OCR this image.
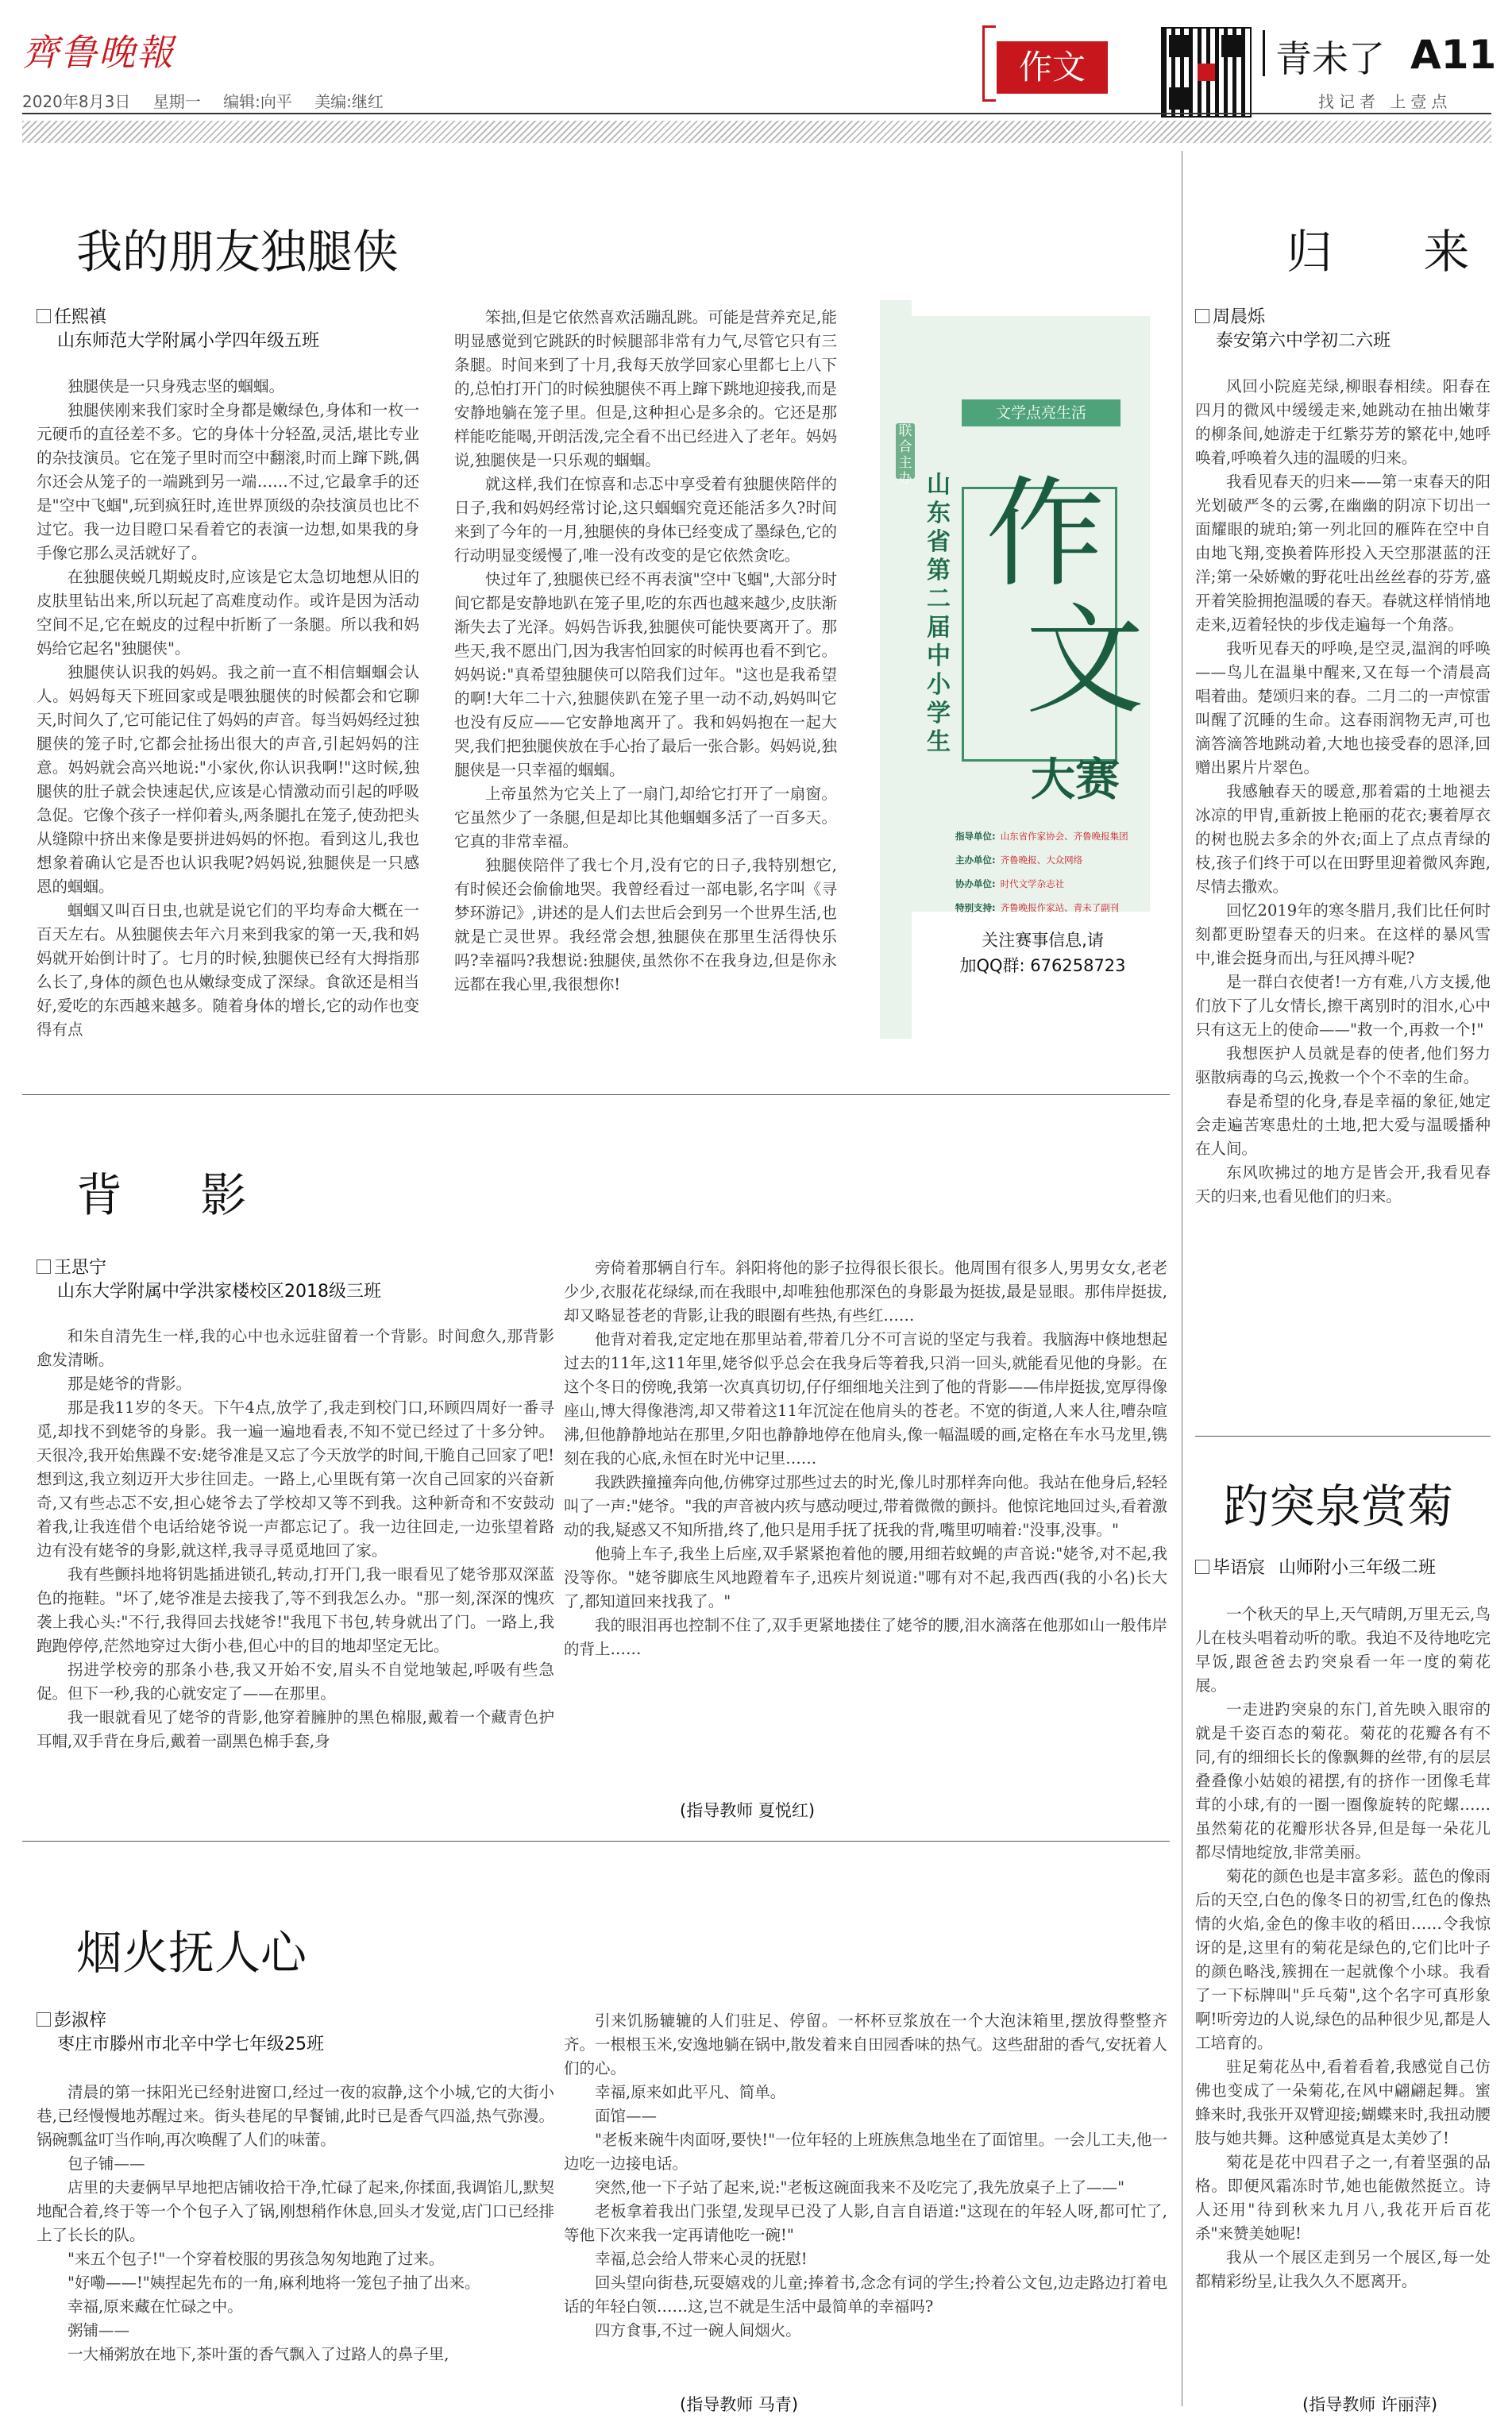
齊鲁晚報
2020年8月3日 星期一 编辑:向平 美编:继红
作文	青未了 A11
找记者 上壹点
我的朋友独腿侠
任熙禛
山东师范大学附属小学四年级五班

独腿侠是一只身残志坚的蝈蝈。

独腿侠刚来我们家时全身都是嫩绿色,身体和一枚一元硬币的直径差不多。它的身体十分轻盈,灵活,堪比专业的杂技演员。它在笼子里时而空中翻滚,时而上蹿下跳,偶尔还会从笼子的一端跳到另一端……不过,它最拿手的还是"空中飞蝈",玩到疯狂时,连世界顶级的杂技演员也比不过它。我一边目瞪口呆看着它的表演一边想,如果我的身手像它那么灵活就好了。

在独腿侠蜕几期蜕皮时,应该是它太急切地想从旧的皮肤里钻出来,所以玩起了高难度动作。或许是因为活动空间不足,它在蜕皮的过程中折断了一条腿。所以我和妈妈给它起名"独腿侠"。

独腿侠认识我的妈妈。我之前一直不相信蝈蝈会认人。妈妈每天下班回家或是喂独腿侠的时候都会和它聊天,时间久了,它可能记住了妈妈的声音。每当妈妈经过独腿侠的笼子时,它都会扯扬出很大的声音,引起妈妈的注意。妈妈就会高兴地说:"小家伙,你认识我啊!"这时候,独腿侠的肚子就会快速起伏,应该是心情激动而引起的呼吸急促。它像个孩子一样仰着头,两条腿扎在笼子,使劲把头从缝隙中挤出来像是要拼进妈妈的怀抱。看到这儿,我也想象着确认它是否也认识我呢?妈妈说,独腿侠是一只感恩的蝈蝈。

蝈蝈又叫百日虫,也就是说它们的平均寿命大概在一百天左右。从独腿侠去年六月来到我家的第一天,我和妈妈就开始倒计时了。七月的时候,独腿侠已经有大拇指那么长了,身体的颜色也从嫩绿变成了深绿。食欲还是相当好,爱吃的东西越来越多。随着身体的增长,它的动作也变得有点

笨拙,但是它依然喜欢活蹦乱跳。可能是营养充足,能明显感觉到它跳跃的时候腿部非常有力气,尽管它只有三条腿。时间来到了十月,我每天放学回家心里都七上八下的,总怕打开门的时候独腿侠不再上蹿下跳地迎接我,而是安静地躺在笼子里。但是,这种担心是多余的。它还是那样能吃能喝,开朗活泼,完全看不出已经进入了老年。妈妈说,独腿侠是一只乐观的蝈蝈。

就这样,我们在惊喜和忐忑中享受着有独腿侠陪伴的日子,我和妈妈经常讨论,这只蝈蝈究竟还能活多久?时间来到了今年的一月,独腿侠的身体已经变成了墨绿色,它的行动明显变缓慢了,唯一没有改变的是它依然贪吃。

快过年了,独腿侠已经不再表演"空中飞蝈",大部分时间它都是安静地趴在笼子里,吃的东西也越来越少,皮肤渐渐失去了光泽。妈妈告诉我,独腿侠可能快要离开了。那些天,我不愿出门,因为我害怕回家的时候再也看不到它。妈妈说:"真希望独腿侠可以陪我们过年。"这也是我希望的啊!大年二十六,独腿侠趴在笼子里一动不动,妈妈叫它也没有反应——它安静地离开了。我和妈妈抱在一起大哭,我们把独腿侠放在手心抬了最后一张合影。妈妈说,独腿侠是一只幸福的蝈蝈。

上帝虽然为它关上了一扇门,却给它打开了一扇窗。它虽然少了一条腿,但是却比其他蝈蝈多活了一百多天。它真的非常幸福。

独腿侠陪伴了我七个月,没有它的日子,我特别想它,有时候还会偷偷地哭。我曾经看过一部电影,名字叫《寻梦环游记》,讲述的是人们去世后会到另一个世界生活,也就是亡灵世界。我经常会想,独腿侠在那里生活得快乐吗?幸福吗?我想说:独腿侠,虽然你不在我身边,但是你永远都在我心里,我很想你!

联合主办
文学点亮生活
山东省第二届中小学生
作
文
大赛
指导单位: 山东省作家协会、齐鲁晚报集团
主办单位: 齐鲁晚报、大众网络
协办单位: 时代文学杂志社
特别支持: 齐鲁晚报作家站、青未了副刊
关注赛事信息,请
加QQ群: 676258723
归 来
周晨烁
泰安第六中学初二六班

风回小院庭芜绿,柳眼春相续。阳春在四月的微风中缓缓走来,她跳动在抽出嫩芽的柳条间,她游走于红紫芬芳的繁花中,她呼唤着,呼唤着久违的温暖的归来。

我看见春天的归来——第一束春天的阳光划破严冬的云雾,在幽幽的阴凉下切出一面耀眼的琥珀;第一列北回的雁阵在空中自由地飞翔,变换着阵形投入天空那湛蓝的汪洋;第一朵娇嫩的野花吐出丝丝春的芬芳,盛开着笑脸拥抱温暖的春天。春就这样悄悄地走来,迈着轻快的步伐走遍每一个角落。

我听见春天的呼唤,是空灵,温润的呼唤——鸟儿在温巢中醒来,又在每一个清晨高唱着曲。楚颂归来的春。二月二的一声惊雷叫醒了沉睡的生命。这春雨润物无声,可也滴答滴答地跳动着,大地也接受春的恩泽,回赠出累片片翠色。

我感触春天的暖意,那着霜的土地褪去冰凉的甲胄,重新披上艳丽的花衣;裹着厚衣的树也脱去多余的外衣;面上了点点青绿的枝,孩子们终于可以在田野里迎着微风奔跑,尽情去撒欢。

回忆2019年的寒冬腊月,我们比任何时刻都更盼望春天的归来。在这样的暴风雪中,谁会挺身而出,与狂风搏斗呢?

是一群白衣使者!一方有难,八方支援,他们放下了儿女情长,擦干离别时的泪水,心中只有这无上的使命——"救一个,再救一个!"

我想医护人员就是春的使者,他们努力驱散病毒的乌云,挽救一个个不幸的生命。

春是希望的化身,春是幸福的象征,她定会走遍苦寒患灶的土地,把大爱与温暖播种在人间。

东风吹拂过的地方是皆会开,我看见春天的归来,也看见他们的归来。

背 影
王思宁
山东大学附属中学洪家楼校区2018级三班

和朱自清先生一样,我的心中也永远驻留着一个背影。时间愈久,那背影愈发清晰。

那是姥爷的背影。

那是我11岁的冬天。下午4点,放学了,我走到校门口,环顾四周好一番寻觅,却找不到姥爷的身影。我一遍一遍地看表,不知不觉已经过了十多分钟。天很冷,我开始焦躁不安:姥爷准是又忘了今天放学的时间,干脆自己回家了吧!想到这,我立刻迈开大步往回走。一路上,心里既有第一次自己回家的兴奋新奇,又有些忐忑不安,担心姥爷去了学校却又等不到我。这种新奇和不安鼓动着我,让我连借个电话给姥爷说一声都忘记了。我一边往回走,一边张望着路边有没有姥爷的身影,就这样,我寻寻觅觅地回了家。

我有些颤抖地将钥匙插进锁孔,转动,打开门,我一眼看见了姥爷那双深蓝色的拖鞋。"坏了,姥爷准是去接我了,等不到我怎么办。"那一刻,深深的愧疚袭上我心头:"不行,我得回去找姥爷!"我甩下书包,转身就出了门。一路上,我跑跑停停,茫然地穿过大街小巷,但心中的目的地却坚定无比。

拐进学校旁的那条小巷,我又开始不安,眉头不自觉地皱起,呼吸有些急促。但下一秒,我的心就安定了——在那里。

我一眼就看见了姥爷的背影,他穿着臃肿的黑色棉服,戴着一个藏青色护耳帽,双手背在身后,戴着一副黑色棉手套,身

旁倚着那辆自行车。斜阳将他的影子拉得很长很长。他周围有很多人,男男女女,老老少少,衣服花花绿绿,而在我眼中,却唯独他那深色的身影最为挺拔,最是显眼。那伟岸挺拔,却又略显苍老的背影,让我的眼圈有些热,有些红……

他背对着我,定定地在那里站着,带着几分不可言说的坚定与我着。我脑海中倏地想起过去的11年,这11年里,姥爷似乎总会在我身后等着我,只消一回头,就能看见他的身影。在这个冬日的傍晚,我第一次真真切切,仔仔细细地关注到了他的背影——伟岸挺拔,宽厚得像座山,博大得像港湾,却又带着这11年沉淀在他肩头的苍老。不宽的街道,人来人往,嘈杂喧沸,但他静静地站在那里,夕阳也静静地停在他肩头,像一幅温暖的画,定格在车水马龙里,镌刻在我的心底,永恒在时光中记里……

我跌跌撞撞奔向他,仿佛穿过那些过去的时光,像儿时那样奔向他。我站在他身后,轻轻叫了一声:"姥爷。"我的声音被内疚与感动哽过,带着微微的颤抖。他惊诧地回过头,看着激动的我,疑惑又不知所措,终了,他只是用手抚了抚我的背,嘴里叨喃着:"没事,没事。"

他骑上车子,我坐上后座,双手紧紧抱着他的腰,用细若蚊蝇的声音说:"姥爷,对不起,我没等你。"姥爷脚底生风地蹬着车子,迅疾片刻说道:"哪有对不起,我西西(我的小名)长大了,都知道回来找我了。"

我的眼泪再也控制不住了,双手更紧地搂住了姥爷的腰,泪水滴落在他那如山一般伟岸的背上……

(指导教师 夏悦红)
趵突泉赏菊
毕语宸 山师附小三年级二班

一个秋天的早上,天气晴朗,万里无云,鸟儿在枝头唱着动听的歌。我迫不及待地吃完早饭,跟爸爸去趵突泉看一年一度的菊花展。

一走进趵突泉的东门,首先映入眼帘的就是千姿百态的菊花。菊花的花瓣各有不同,有的细细长长的像飘舞的丝带,有的层层叠叠像小姑娘的裙摆,有的挤作一团像毛茸茸的小球,有的一圈一圈像旋转的陀螺……虽然菊花的花瓣形状各异,但是每一朵花儿都尽情地绽放,非常美丽。

菊花的颜色也是丰富多彩。蓝色的像雨后的天空,白色的像冬日的初雪,红色的像热情的火焰,金色的像丰收的稻田……令我惊讶的是,这里有的菊花是绿色的,它们比叶子的颜色略浅,簇拥在一起就像个小球。我看了一下标牌叫"乒乓菊",这个名字可真形象啊!听旁边的人说,绿色的品种很少见,都是人工培育的。

驻足菊花丛中,看着看着,我感觉自己仿佛也变成了一朵菊花,在风中翩翩起舞。蜜蜂来时,我张开双臂迎接;蝴蝶来时,我扭动腰肢与她共舞。这种感觉真是太美妙了!

菊花是花中四君子之一,有着坚强的品格。即便风霜冻时节,她也能傲然挺立。诗人还用"待到秋来九月八,我花开后百花杀"来赞美她呢!

我从一个展区走到另一个展区,每一处都精彩纷呈,让我久久不愿离开。

(指导教师 许丽萍)
烟火抚人心
彭淑梓
枣庄市滕州市北辛中学七年级25班

清晨的第一抹阳光已经射进窗口,经过一夜的寂静,这个小城,它的大街小巷,已经慢慢地苏醒过来。街头巷尾的早餐铺,此时已是香气四溢,热气弥漫。锅碗瓢盆叮当作响,再次唤醒了人们的味蕾。

包子铺——

店里的夫妻俩早早地把店铺收拾干净,忙碌了起来,你揉面,我调馅儿,默契地配合着,终于等一个个包子入了锅,刚想稍作休息,回头才发觉,店门口已经排上了长长的队。

"来五个包子!"一个穿着校服的男孩急匆匆地跑了过来。

"好嘞——!"姨捏起先布的一角,麻利地将一笼包子抽了出来。

幸福,原来藏在忙碌之中。

粥铺——

一大桶粥放在地下,茶叶蛋的香气飘入了过路人的鼻子里,

引来饥肠辘辘的人们驻足、停留。一杯杯豆浆放在一个大泡沫箱里,摆放得整整齐齐。一根根玉米,安逸地躺在锅中,散发着来自田园香味的热气。这些甜甜的香气,安抚着人们的心。

幸福,原来如此平凡、简单。

面馆——

"老板来碗牛肉面呀,要快!"一位年轻的上班族焦急地坐在了面馆里。一会儿工夫,他一边吃一边接电话。

突然,他一下子站了起来,说:"老板这碗面我来不及吃完了,我先放桌子上了——"

老板拿着我出门张望,发现早已没了人影,自言自语道:"这现在的年轻人呀,都可忙了,等他下次来我一定再请他吃一碗!"

幸福,总会给人带来心灵的抚慰!

回头望向街巷,玩耍嬉戏的儿童;捧着书,念念有词的学生;拎着公文包,边走路边打着电话的年轻白领……这,岂不就是生活中最简单的幸福吗?

四方食事,不过一碗人间烟火。

(指导教师 马青)
